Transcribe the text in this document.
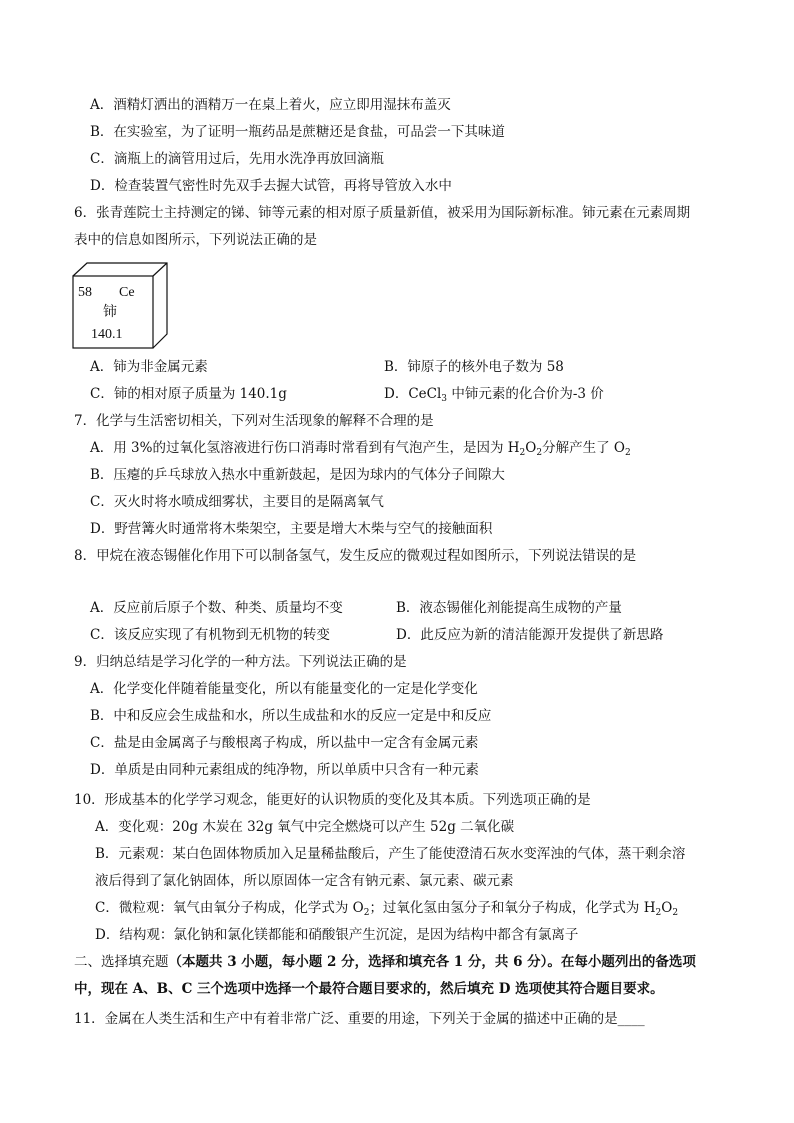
A．酒精灯洒出的酒精万一在桌上着火，应立即用湿抹布盖灭
B．在实验室，为了证明一瓶药品是蔗糖还是食盐，可品尝一下其味道
C．滴瓶上的滴管用过后，先用水洗净再放回滴瓶
D．检查装置气密性时先双手去握大试管，再将导管放入水中
6．张青莲院士主持测定的锑、铈等元素的相对原子质量新值，被采用为国际新标准。铈元素在元素周期
表中的信息如图所示，下列说法正确的是
58 Ce
铈
140.1
A．铈为非金属元素	B．铈原子的核外电子数为 58
C．铈的相对原子质量为 140.1g	D．CeCl$_3$ 中铈元素的化合价为-3 价
7．化学与生活密切相关，下列对生活现象的解释不合理的是
A．用 3%的过氧化氢溶液进行伤口消毒时常看到有气泡产生，是因为 $H_2O_2$分解产生了 $O_2$
B．压瘪的乒乓球放入热水中重新鼓起，是因为球内的气体分子间隙大
C．灭火时将水喷成细雾状，主要目的是隔离氧气
D．野营篝火时通常将木柴架空，主要是增大木柴与空气的接触面积
8．甲烷在液态锡催化作用下可以制备氢气，发生反应的微观过程如图所示，下列说法错误的是
A．反应前后原子个数、种类、质量均不变	B．液态锡催化剂能提高生成物的产量
C．该反应实现了有机物到无机物的转变	D．此反应为新的清洁能源开发提供了新思路
9．归纳总结是学习化学的一种方法。下列说法正确的是
A．化学变化伴随着能量变化，所以有能量变化的一定是化学变化
B．中和反应会生成盐和水，所以生成盐和水的反应一定是中和反应
C．盐是由金属离子与酸根离子构成，所以盐中一定含有金属元素
D．单质是由同种元素组成的纯净物，所以单质中只含有一种元素
10．形成基本的化学学习观念，能更好的认识物质的变化及其本质。下列选项正确的是
A．变化观：20g 木炭在 32g 氧气中完全燃烧可以产生 52g 二氧化碳
B．元素观：某白色固体物质加入足量稀盐酸后，产生了能使澄清石灰水变浑浊的气体，蒸干剩余溶
液后得到了氯化钠固体，所以原固体一定含有钠元素、氯元素、碳元素
C．微粒观：氧气由氧分子构成，化学式为 $O_2$；过氧化氢由氢分子和氧分子构成，化学式为 $H_2O_2$
D．结构观：氯化钠和氯化镁都能和硝酸银产生沉淀，是因为结构中都含有氯离子
二、选择填充题（本题共 3 小题，每小题 2 分，选择和填充各 1 分，共 6 分）。在每小题列出的备选项
中，现在 A、B、C 三个选项中选择一个最符合题目要求的，然后填充 D 选项使其符合题目要求。
11．金属在人类生活和生产中有着非常广泛、重要的用途，下列关于金属的描述中正确的是____
